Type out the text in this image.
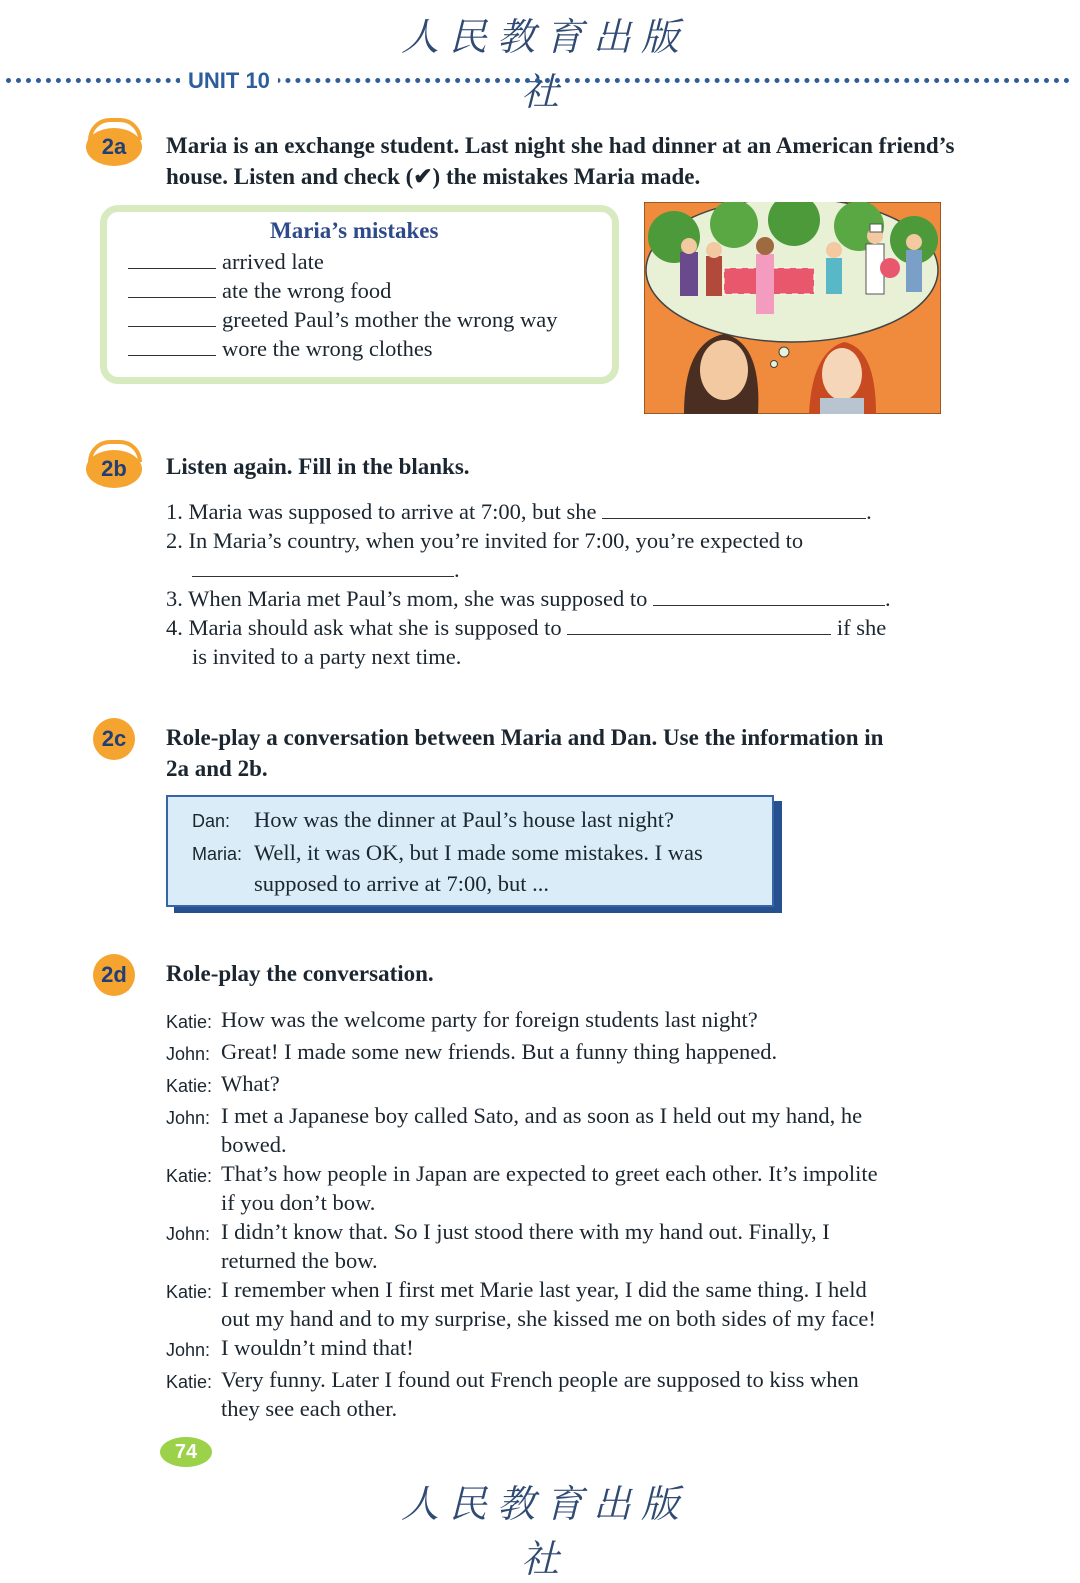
人民教育出版社
UNIT 10
2a	Maria is an exchange student. Last night she had dinner at an American friend’s house. Listen and check (✔) the mistakes Maria made.
Maria’s mistakes
arrived late
ate the wrong food
greeted Paul’s mother the wrong way
wore the wrong clothes
2b	Listen again. Fill in the blanks.
1. Maria was supposed to arrive at 7:00, but she	.
2. In Maria’s country, when you’re invited for 7:00, you’re expected to
.
3. When Maria met Paul’s mom, she was supposed to	.
4. Maria should ask what she is supposed to	if she
is invited to a party next time.
2c	Role-play a conversation between Maria and Dan. Use the information in
2a and 2b.
Dan:	How was the dinner at Paul’s house last night?
Maria: Well, it was OK, but I made some mistakes. I was
supposed to arrive at 7:00, but ...
2d	Role-play the conversation.
Katie: How was the welcome party for foreign students last night?
John: Great! I made some new friends. But a funny thing happened.
Katie: What?
John: I met a Japanese boy called Sato, and as soon as I held out my hand, he
bowed.
Katie: That’s how people in Japan are expected to greet each other. It’s impolite
if you don’t bow.
John: I didn’t know that. So I just stood there with my hand out. Finally, I
returned the bow.
Katie: I remember when I first met Marie last year, I did the same thing. I held
out my hand and to my surprise, she kissed me on both sides of my face!
John: I wouldn’t mind that!
Katie: Very funny. Later I found out French people are supposed to kiss when
they see each other.
74
人民教育出版社
